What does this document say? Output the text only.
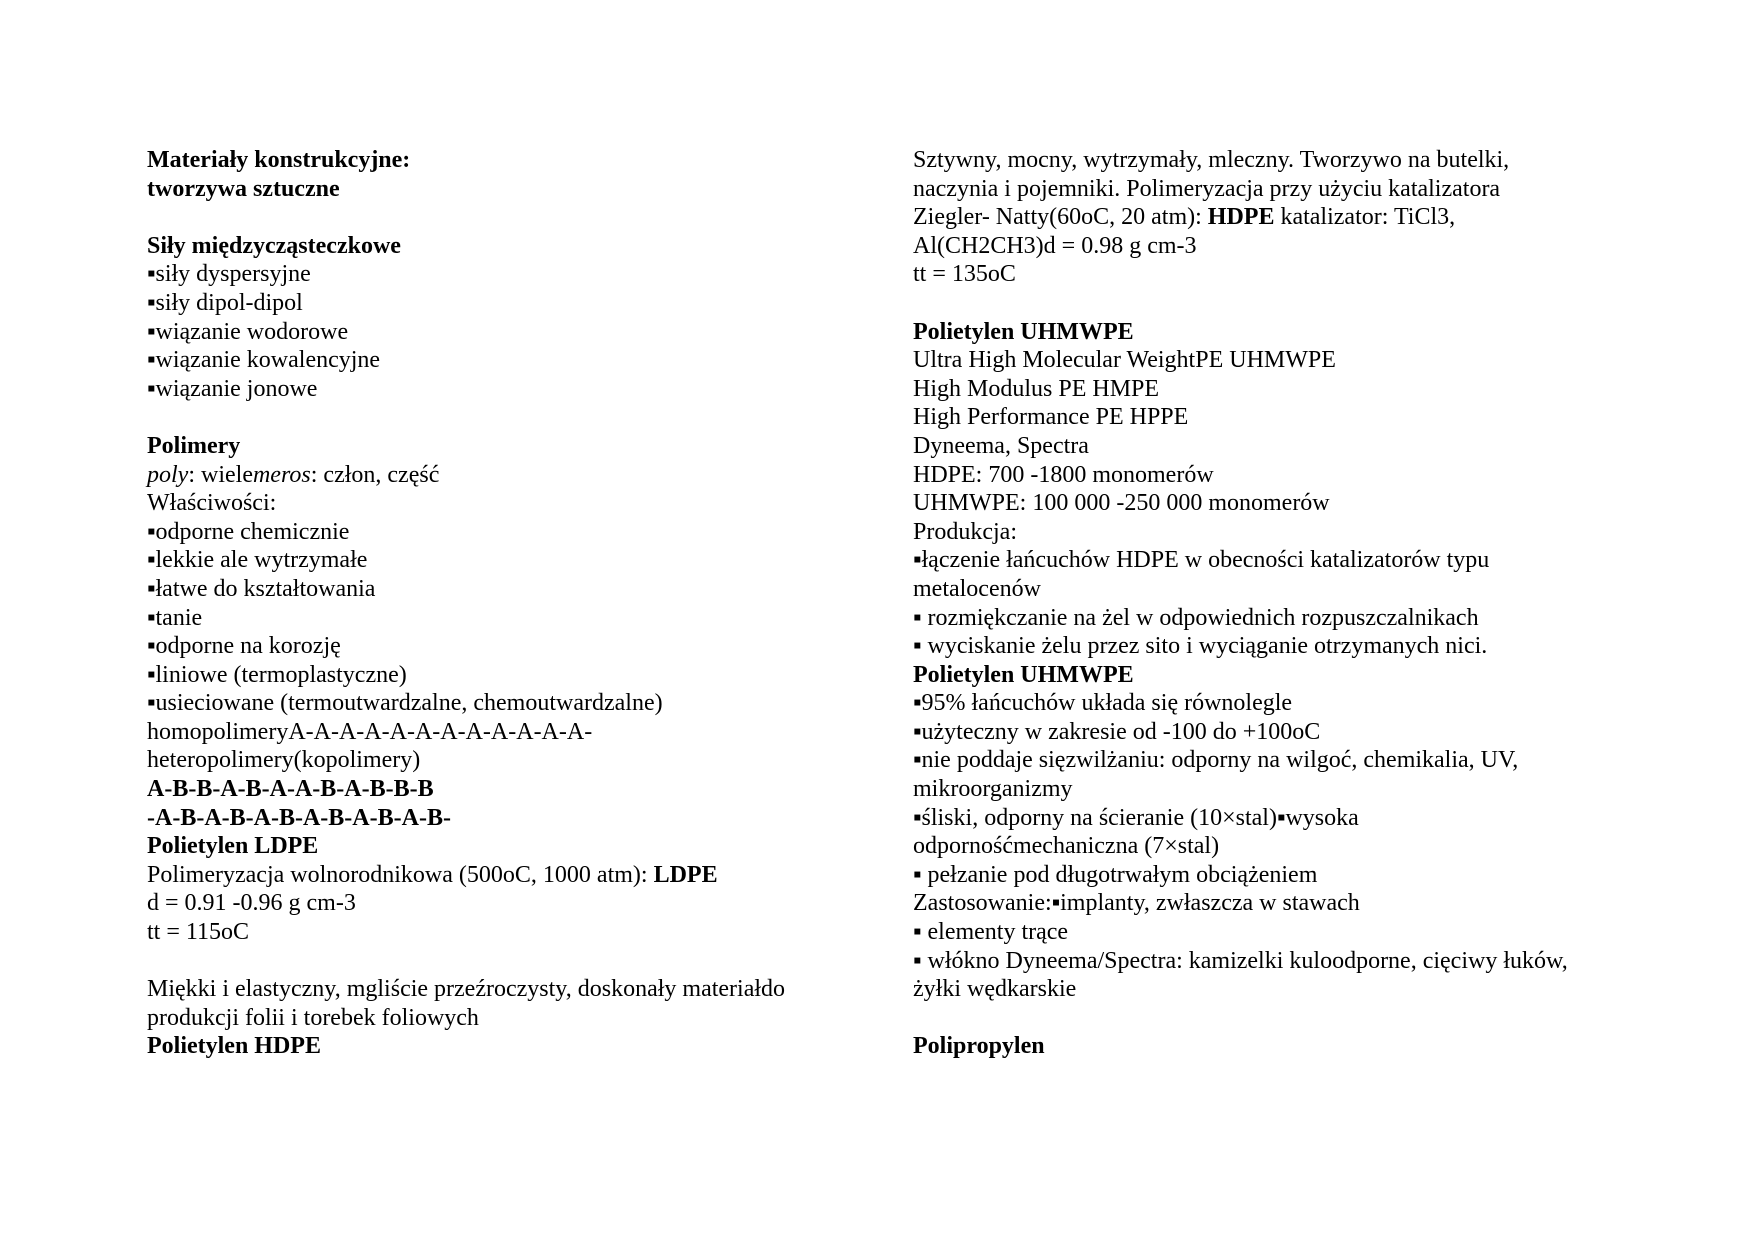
Materiały konstrukcyjne:
tworzywa sztuczne
Siły międzycząsteczkowe
▪siły dyspersyjne
▪siły dipol-dipol
▪wiązanie wodorowe
▪wiązanie kowalencyjne
▪wiązanie jonowe
Polimery
poly: wielemeros: człon, część
Właściwości:
▪odporne chemicznie
▪lekkie ale wytrzymałe
▪łatwe do kształtowania
▪tanie
▪odporne na korozję
▪liniowe (termoplastyczne)
▪usieciowane (termoutwardzalne, chemoutwardzalne)
homopolimeryA-A-A-A-A-A-A-A-A-A-A-A-
heteropolimery(kopolimery)
A-B-B-A-B-A-A-B-A-B-B-B
-A-B-A-B-A-B-A-B-A-B-A-B-
Polietylen LDPE
Polimeryzacja wolnorodnikowa (500oC, 1000 atm): LDPE
d = 0.91 -0.96 g cm-3
tt = 115oC
Miękki i elastyczny, mgliście przeźroczysty, doskonały materiałdo
produkcji folii i torebek foliowych
Polietylen HDPE
Sztywny, mocny, wytrzymały, mleczny. Tworzywo na butelki,
naczynia i pojemniki. Polimeryzacja przy użyciu katalizatora
Ziegler- Natty(60oC, 20 atm): HDPE katalizator: TiCl3,
Al(CH2CH3)d = 0.98 g cm-3
tt = 135oC
Polietylen UHMWPE
Ultra High Molecular WeightPE UHMWPE
High Modulus PE HMPE
High Performance PE HPPE
Dyneema, Spectra
HDPE: 700 -1800 monomerów
UHMWPE: 100 000 -250 000 monomerów
Produkcja:
▪łączenie łańcuchów HDPE w obecności katalizatorów typu
metalocenów
▪ rozmiękczanie na żel w odpowiednich rozpuszczalnikach
▪ wyciskanie żelu przez sito i wyciąganie otrzymanych nici.
Polietylen UHMWPE
▪95% łańcuchów układa się równolegle
▪użyteczny w zakresie od -100 do +100oC
▪nie poddaje sięzwilżaniu: odporny na wilgoć, chemikalia, UV,
mikroorganizmy
▪śliski, odporny na ścieranie (10×stal)▪wysoka
odpornośćmechaniczna (7×stal)
▪ pełzanie pod długotrwałym obciążeniem
Zastosowanie:▪implanty, zwłaszcza w stawach
▪ elementy trące
▪ włókno Dyneema/Spectra: kamizelki kuloodporne, cięciwy łuków,
żyłki wędkarskie
Polipropylen
